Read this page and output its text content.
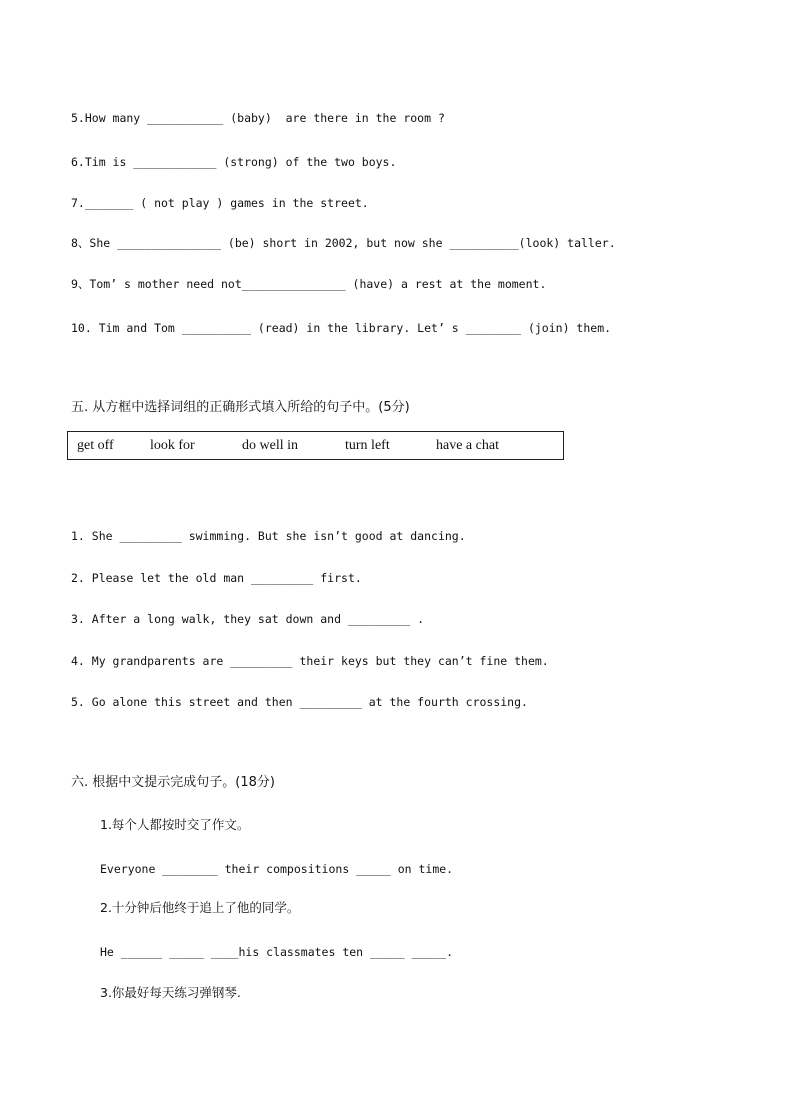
5.How many ___________ (baby)  are there in the room ?
6.Tim is ____________ (strong) of the two boys.
7._______ ( not play ) games in the street.
8、She _______________ (be) short in 2002, but now she __________(look) taller.
9、Tom’ s mother need not_______________ (have) a rest at the moment.
10. Tim and Tom __________ (read) in the library. Let’ s ________ (join) them.
五. 从方框中选择词组的正确形式填入所给的句子中。(5分)
get off	look for	do well in	turn left	have a chat
1. She _________ swimming. But she isn’t good at dancing.
2. Please let the old man _________ first.
3. After a long walk, they sat down and _________ .
4. My grandparents are _________ their keys but they can’t fine them.
5. Go alone this street and then _________ at the fourth crossing.
六. 根据中文提示完成句子。(18分)
1.每个人都按时交了作文。
Everyone ________ their compositions _____ on time.
2.十分钟后他终于追上了他的同学。
He ______ _____ ____his classmates ten _____ _____.
3.你最好每天练习弹钢琴.
